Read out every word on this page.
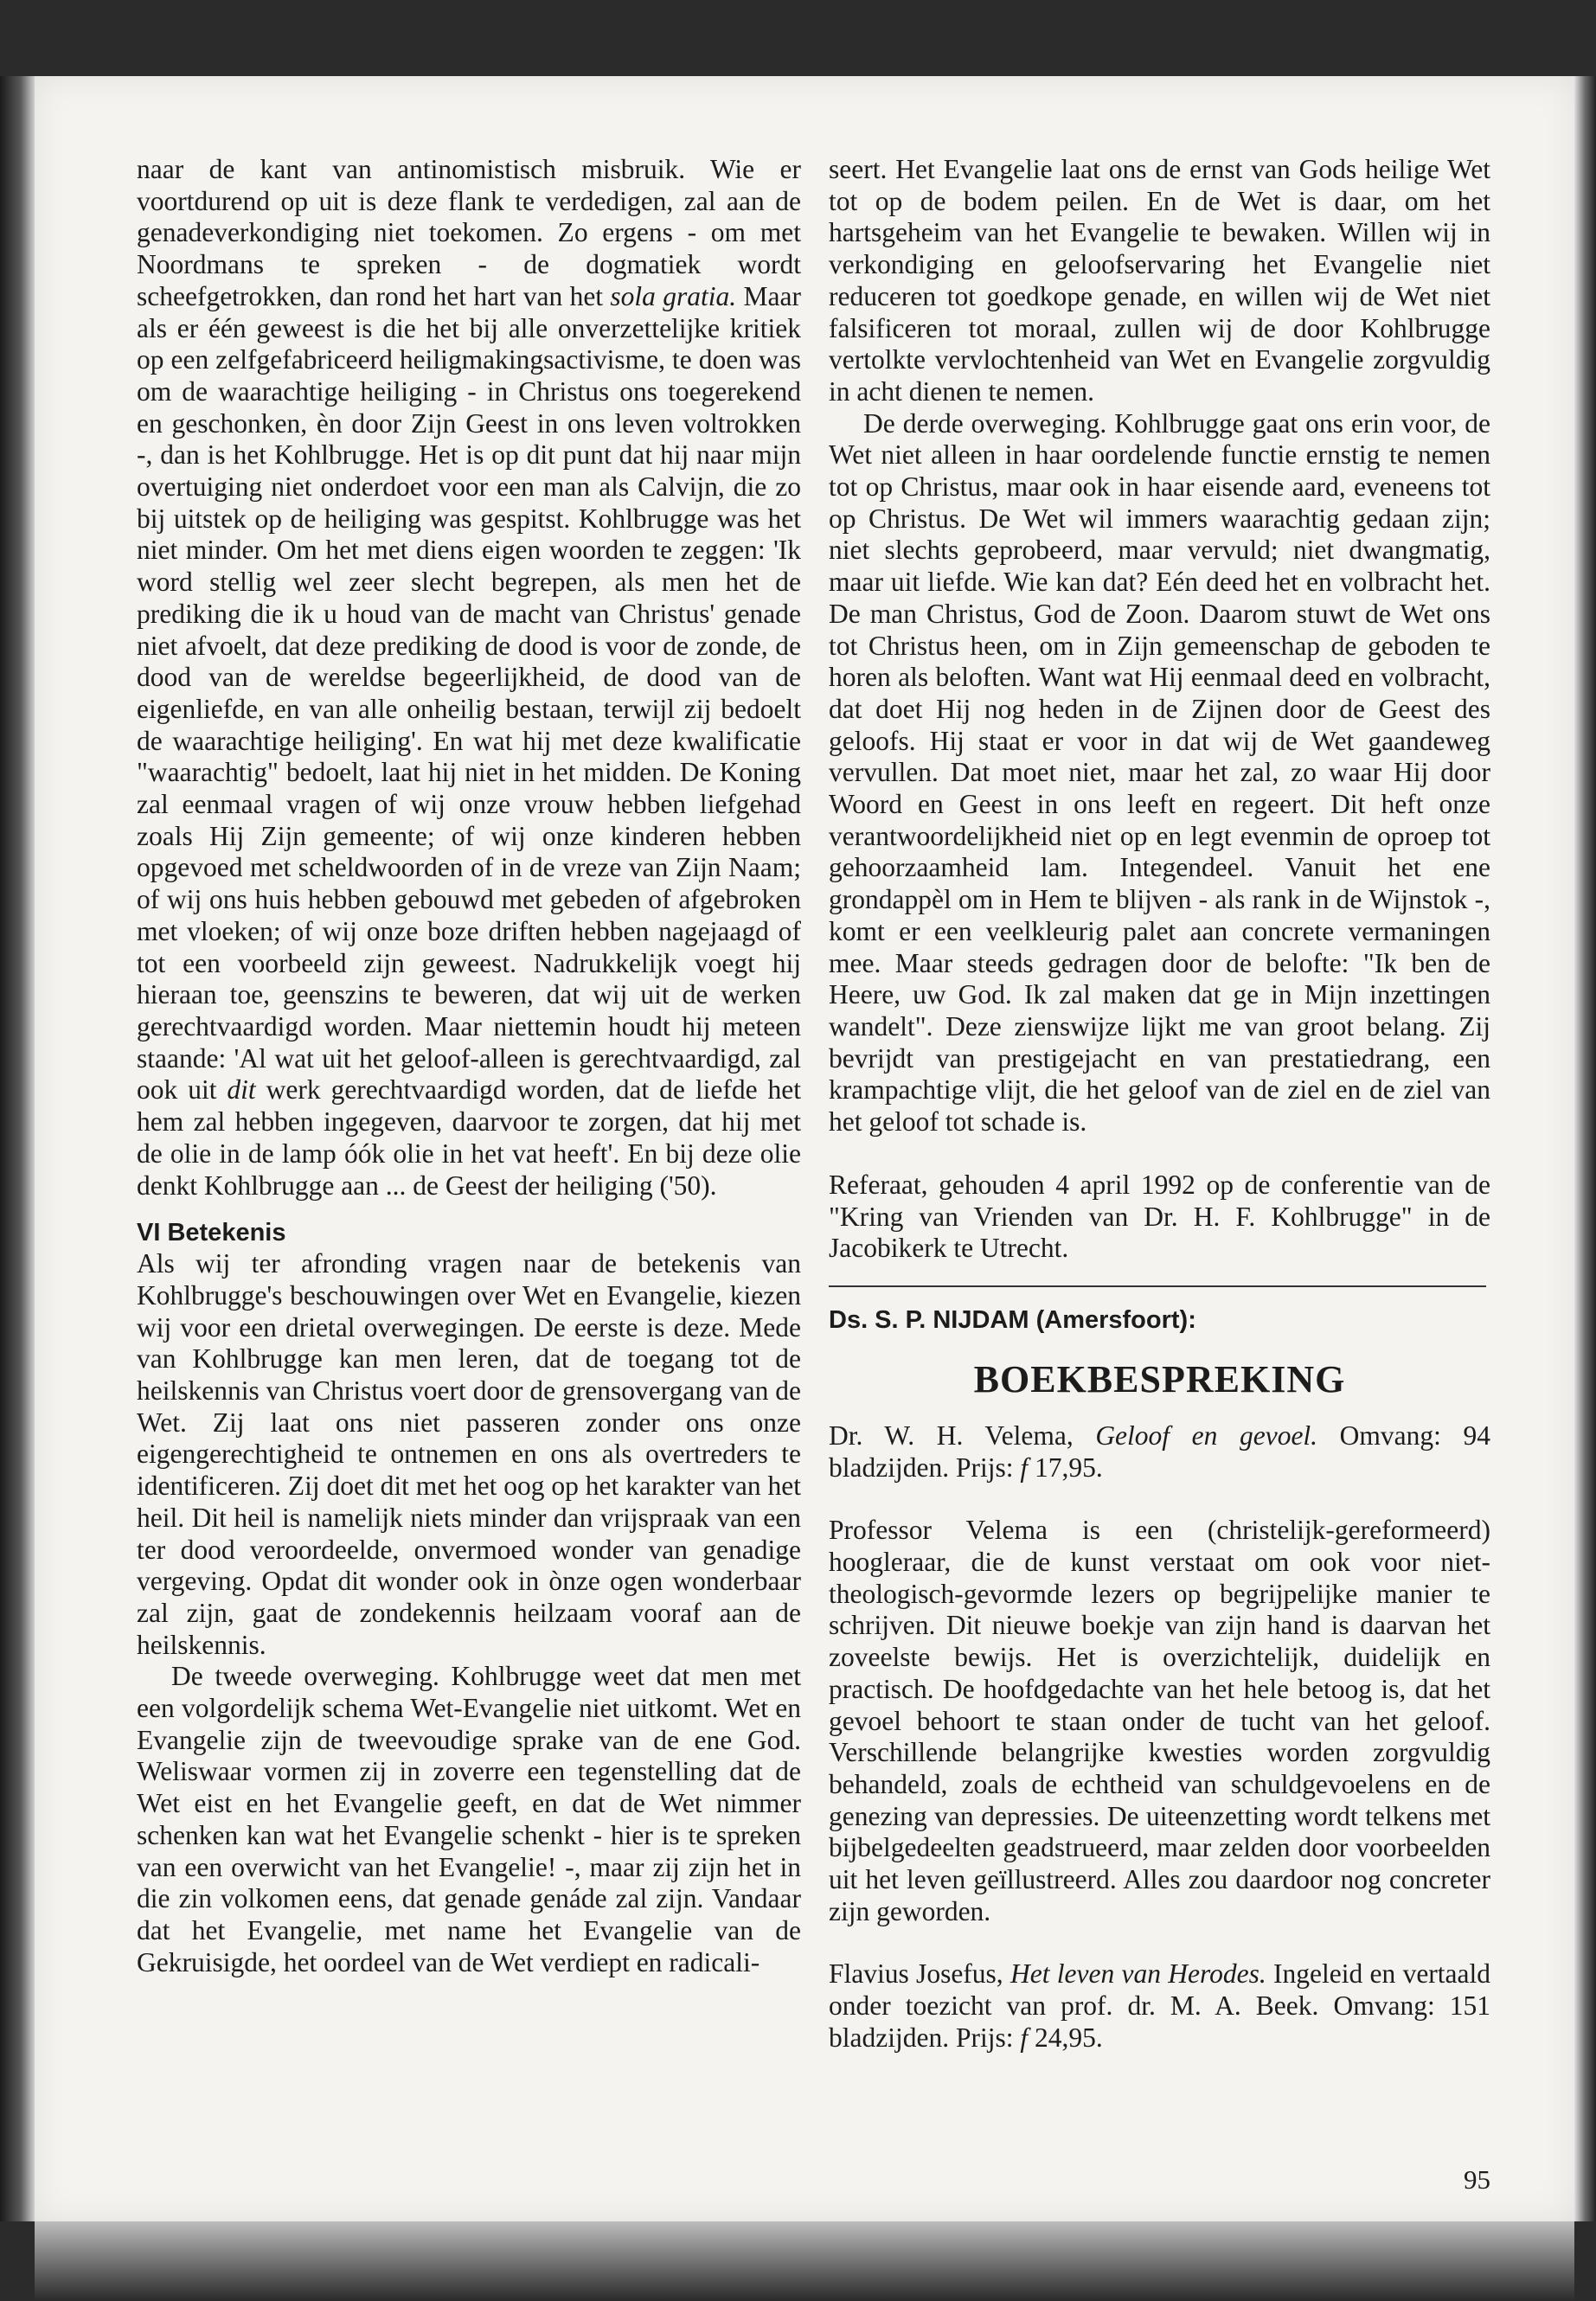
naar de kant van antinomistisch misbruik. Wie er voortdurend op uit is deze flank te verdedigen, zal aan de genadeverkondiging niet toekomen. Zo ergens - om met Noordmans te spreken - de dogmatiek wordt scheefgetrokken, dan rond het hart van het sola gratia. Maar als er één geweest is die het bij alle onverzettelijke kritiek op een zelfgefabriceerd heiligmakingsactivisme, te doen was om de waarachtige heiliging - in Christus ons toegerekend en geschonken, èn door Zijn Geest in ons leven voltrokken -, dan is het Kohlbrugge. Het is op dit punt dat hij naar mijn overtuiging niet onderdoet voor een man als Calvijn, die zo bij uitstek op de heiliging was gespitst. Kohlbrugge was het niet minder. Om het met diens eigen woorden te zeggen: 'Ik word stellig wel zeer slecht begrepen, als men het de prediking die ik u houd van de macht van Christus' genade niet afvoelt, dat deze prediking de dood is voor de zonde, de dood van de wereldse begeerlijkheid, de dood van de eigenliefde, en van alle onheilig bestaan, terwijl zij bedoelt de waarachtige heiliging'. En wat hij met deze kwalificatie "waarachtig" bedoelt, laat hij niet in het midden. De Koning zal eenmaal vragen of wij onze vrouw hebben liefgehad zoals Hij Zijn gemeente; of wij onze kinderen hebben opgevoed met scheldwoorden of in de vreze van Zijn Naam; of wij ons huis hebben gebouwd met gebeden of afgebroken met vloeken; of wij onze boze driften hebben nagejaagd of tot een voorbeeld zijn geweest. Nadrukkelijk voegt hij hieraan toe, geenszins te beweren, dat wij uit de werken gerechtvaardigd worden. Maar niettemin houdt hij meteen staande: 'Al wat uit het geloof-alleen is gerechtvaardigd, zal ook uit dit werk gerechtvaardigd worden, dat de liefde het hem zal hebben ingegeven, daarvoor te zorgen, dat hij met de olie in de lamp óók olie in het vat heeft'. En bij deze olie denkt Kohlbrugge aan ... de Geest der heiliging ('50).

VI Betekenis

Als wij ter afronding vragen naar de betekenis van Kohlbrugge's beschouwingen over Wet en Evangelie, kiezen wij voor een drietal overwegingen. De eerste is deze. Mede van Kohlbrugge kan men leren, dat de toegang tot de heilskennis van Christus voert door de grensovergang van de Wet. Zij laat ons niet passeren zonder ons onze eigengerechtigheid te ontnemen en ons als overtreders te identificeren. Zij doet dit met het oog op het karakter van het heil. Dit heil is namelijk niets minder dan vrijspraak van een ter dood veroordeelde, onvermoed wonder van genadige vergeving. Opdat dit wonder ook in ònze ogen wonderbaar zal zijn, gaat de zondekennis heilzaam vooraf aan de heilskennis.

De tweede overweging. Kohlbrugge weet dat men met een volgordelijk schema Wet-Evangelie niet uitkomt. Wet en Evangelie zijn de tweevoudige sprake van de ene God. Weliswaar vormen zij in zoverre een tegenstelling dat de Wet eist en het Evangelie geeft, en dat de Wet nimmer schenken kan wat het Evangelie schenkt - hier is te spreken van een overwicht van het Evangelie! -, maar zij zijn het in die zin volkomen eens, dat genade genáde zal zijn. Vandaar dat het Evangelie, met name het Evangelie van de Gekruisigde, het oordeel van de Wet verdiept en radicali-

seert. Het Evangelie laat ons de ernst van Gods heilige Wet tot op de bodem peilen. En de Wet is daar, om het hartsgeheim van het Evangelie te bewaken. Willen wij in verkondiging en geloofservaring het Evangelie niet reduceren tot goedkope genade, en willen wij de Wet niet falsificeren tot moraal, zullen wij de door Kohlbrugge vertolkte vervlochtenheid van Wet en Evangelie zorgvuldig in acht dienen te nemen.

De derde overweging. Kohlbrugge gaat ons erin voor, de Wet niet alleen in haar oordelende functie ernstig te nemen tot op Christus, maar ook in haar eisende aard, eveneens tot op Christus. De Wet wil immers waarachtig gedaan zijn; niet slechts geprobeerd, maar vervuld; niet dwangmatig, maar uit liefde. Wie kan dat? Eén deed het en volbracht het. De man Christus, God de Zoon. Daarom stuwt de Wet ons tot Christus heen, om in Zijn gemeenschap de geboden te horen als beloften. Want wat Hij eenmaal deed en volbracht, dat doet Hij nog heden in de Zijnen door de Geest des geloofs. Hij staat er voor in dat wij de Wet gaandeweg vervullen. Dat moet niet, maar het zal, zo waar Hij door Woord en Geest in ons leeft en regeert. Dit heft onze verantwoordelijkheid niet op en legt evenmin de oproep tot gehoorzaamheid lam. Integendeel. Vanuit het ene grondappèl om in Hem te blijven - als rank in de Wijnstok -, komt er een veelkleurig palet aan concrete vermaningen mee. Maar steeds gedragen door de belofte: "Ik ben de Heere, uw God. Ik zal maken dat ge in Mijn inzettingen wandelt". Deze zienswijze lijkt me van groot belang. Zij bevrijdt van prestigejacht en van prestatiedrang, een krampachtige vlijt, die het geloof van de ziel en de ziel van het geloof tot schade is.

Referaat, gehouden 4 april 1992 op de conferentie van de "Kring van Vrienden van Dr. H. F. Kohlbrugge" in de Jacobikerk te Utrecht.

Ds. S. P. NIJDAM (Amersfoort):
BOEKBESPREKING

Dr. W. H. Velema, Geloof en gevoel. Omvang: 94 bladzijden. Prijs: f 17,95.

Professor Velema is een (christelijk-gereformeerd) hoogleraar, die de kunst verstaat om ook voor niet-theologisch-gevormde lezers op begrijpelijke manier te schrijven. Dit nieuwe boekje van zijn hand is daarvan het zoveelste bewijs. Het is overzichtelijk, duidelijk en practisch. De hoofdgedachte van het hele betoog is, dat het gevoel behoort te staan onder de tucht van het geloof. Verschillende belangrijke kwesties worden zorgvuldig behandeld, zoals de echtheid van schuldgevoelens en de genezing van depressies. De uiteenzetting wordt telkens met bijbelgedeelten geadstrueerd, maar zelden door voorbeelden uit het leven geïllustreerd. Alles zou daardoor nog concreter zijn geworden.

Flavius Josefus, Het leven van Herodes. Ingeleid en vertaald onder toezicht van prof. dr. M. A. Beek. Omvang: 151 bladzijden. Prijs: f 24,95.

95
